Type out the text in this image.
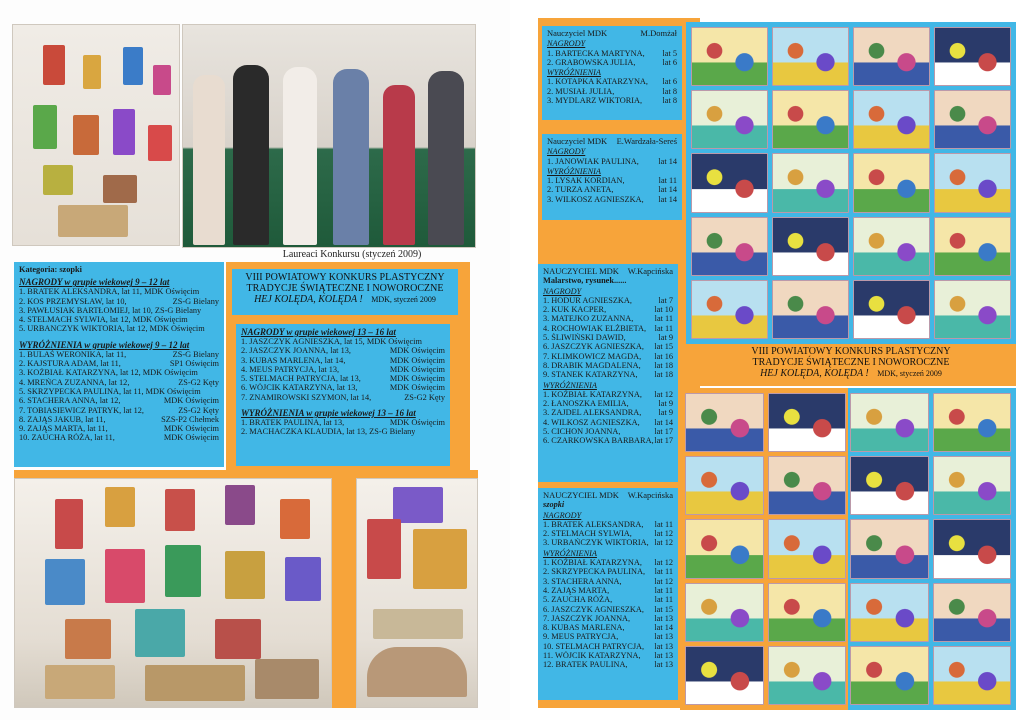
Laureaci Konkursu (styczeń 2009)
Kategoria: szopki
NAGRODY w grupie wiekowej 9 – 12 lat
1. BRATEK ALEKSANDRA, lat 11, MDK Oświęcim
2. KOS PRZEMYSŁAW, lat 10,	ZS-G Bielany
3. PAWŁUSIAK BARTŁOMIEJ, lat 10, ZS-G Bielany
4. STELMACH SYLWIA, lat 12, MDK Oświęcim
5. URBANCZYK WIKTORIA, lat 12, MDK Oświęcim
WYRÓŻNIENIA w grupie wiekowej 9 – 12 lat
1. BULAŚ WERONIKA, lat 11,	ZS-G Bielany
2. KAJSTURA ADAM, lat 11,	SP1 Oświęcim
3. KOŹBIAŁ KATARZYNA, lat 12, MDK Oświęcim
4. MREŃCA ZUZANNA, lat 12,	ZS-G2 Kęty
5. SKRZYPECKA PAULINA, lat 11, MDK Oświęcim
6. STACHERA ANNA, lat 12,	MDK Oświęcim
7. TOBIASIEWICZ PATRYK, lat 12,	ZS-G2 Kęty
8. ZAJĄS JAKUB, lat 11,	SZS-P2 Chełmek
9. ZAJĄS MARTA, lat 11,	MDK Oświęcim
10. ZAUCHA RÓŻA, lat 11,	MDK Oświęcim
VIII POWIATOWY KONKURS PLASTYCZNY
TRADYCJE ŚWIĄTECZNE I NOWOROCZNE
HEJ KOLĘDA, KOLĘDA ! MDK, styczeń 2009
NAGRODY w grupie wiekowej 13 – 16 lat
1. JASZCZYK AGNIESZKA, lat 15, MDK Oświęcim
2. JASZCZYK JOANNA, lat 13,	MDK Oświęcim
3. KUBAS MARLENA, lat 14,	MDK Oświęcim
4. MEUS PATRYCJA, lat 13,	MDK Oświęcim
5. STELMACH PATRYCJA, lat 13,	MDK Oświęcim
6. WÓJCIK KATARZYNA, lat 13,	MDK Oświęcim
7. ZNAMIROWSKI SZYMON, lat 14,	ZS-G2 Kęty
WYRÓŻNIENIA w grupie wiekowej 13 – 16 lat
1. BRATEK PAULINA, lat 13,	MDK Oświęcim
2. MACHACZKA KLAUDIA, lat 13, ZS-G Bielany
Nauczyciel MDK	M.Domżał
NAGRODY
1. BARTECKA MARTYNA, lat 5
2. GRABOWSKA JULIA,	lat 6
WYRÓŻNIENIA
1. KOTAPKA KATARZYNA, lat 6
2. MUSIAŁ JULIA,	lat 8
3. MYDLARZ WIKTORIA, lat 8
Nauczyciel MDK E.Wardzała-Sereś
NAGRODY
1. JANOWIAK PAULINA, lat 14
WYRÓŻNIENIA
1. LYSAK KORDIAN,	lat 11
2. TURZA ANETA,	lat 14
3. WILKOSZ AGNIESZKA, lat 14
NAUCZYCIEL MDK W.Kapcińska
Malarstwo, rysunek......
NAGRODY
1. HODUR AGNIESZKA,	lat 7
2. KUK KACPER,	lat 10
3. MATEJKO ZUZANNA,	lat 11
4. ROCHOWIAK ELŻBIETA, lat 11
5. ŚLIWIŃSKI DAWID,	lat 9
6. JASZCZYK AGNIESZKA, lat 15
7. KLIMKOWICZ MAGDA, lat 16
8. DRABIK MAGDALENA, lat 18
9. STANEK KATARZYNA, lat 18
WYRÓŻNIENIA
1. KOŹBIAŁ KATARZYNA, lat 12
2. ŁANOSZKA EMILIA,	lat 9
3. ZAJDEL ALEKSANDRA, lat 9
4. WILKOSZ AGNIESZKA, lat 14
5. CICHON JOANNA,	lat 17
6. CZARKOWSKA BARBARA, lat 17
NAUCZYCIEL MDK W.Kapcińska
szopki
NAGRODY
1. BRATEK ALEKSANDRA, lat 11
2. STELMACH SYLWIA,	lat 12
3. URBAŃCZYK WIKTORIA, lat 12
WYRÓŻNIENIA
1. KOŹBIAŁ KATARZYNA, lat 12
2. SKRZYPECKA PAULINA, lat 11
3. STACHERA ANNA,	lat 12
4. ZAJĄS MARTA,	lat 11
5. ZAUCHA RÓŻA,	lat 11
6. JASZCZYK AGNIESZKA, lat 15
7. JASZCZYK JOANNA,	lat 13
8. KUBAS MARLENA,	lat 14
9. MEUS PATRYCJA,	lat 13
10. STELMACH PATRYCJA, lat 13
11. WÓJCIK KATARZYNA, lat 13
12. BRATEK PAULINA,	lat 13
VIII POWIATOWY KONKURS PLASTYCZNY
TRADYCJE ŚWIĄTECZNE I NOWOROCZNE
HEJ KOLĘDA, KOLĘDA ! MDK, styczeń 2009
